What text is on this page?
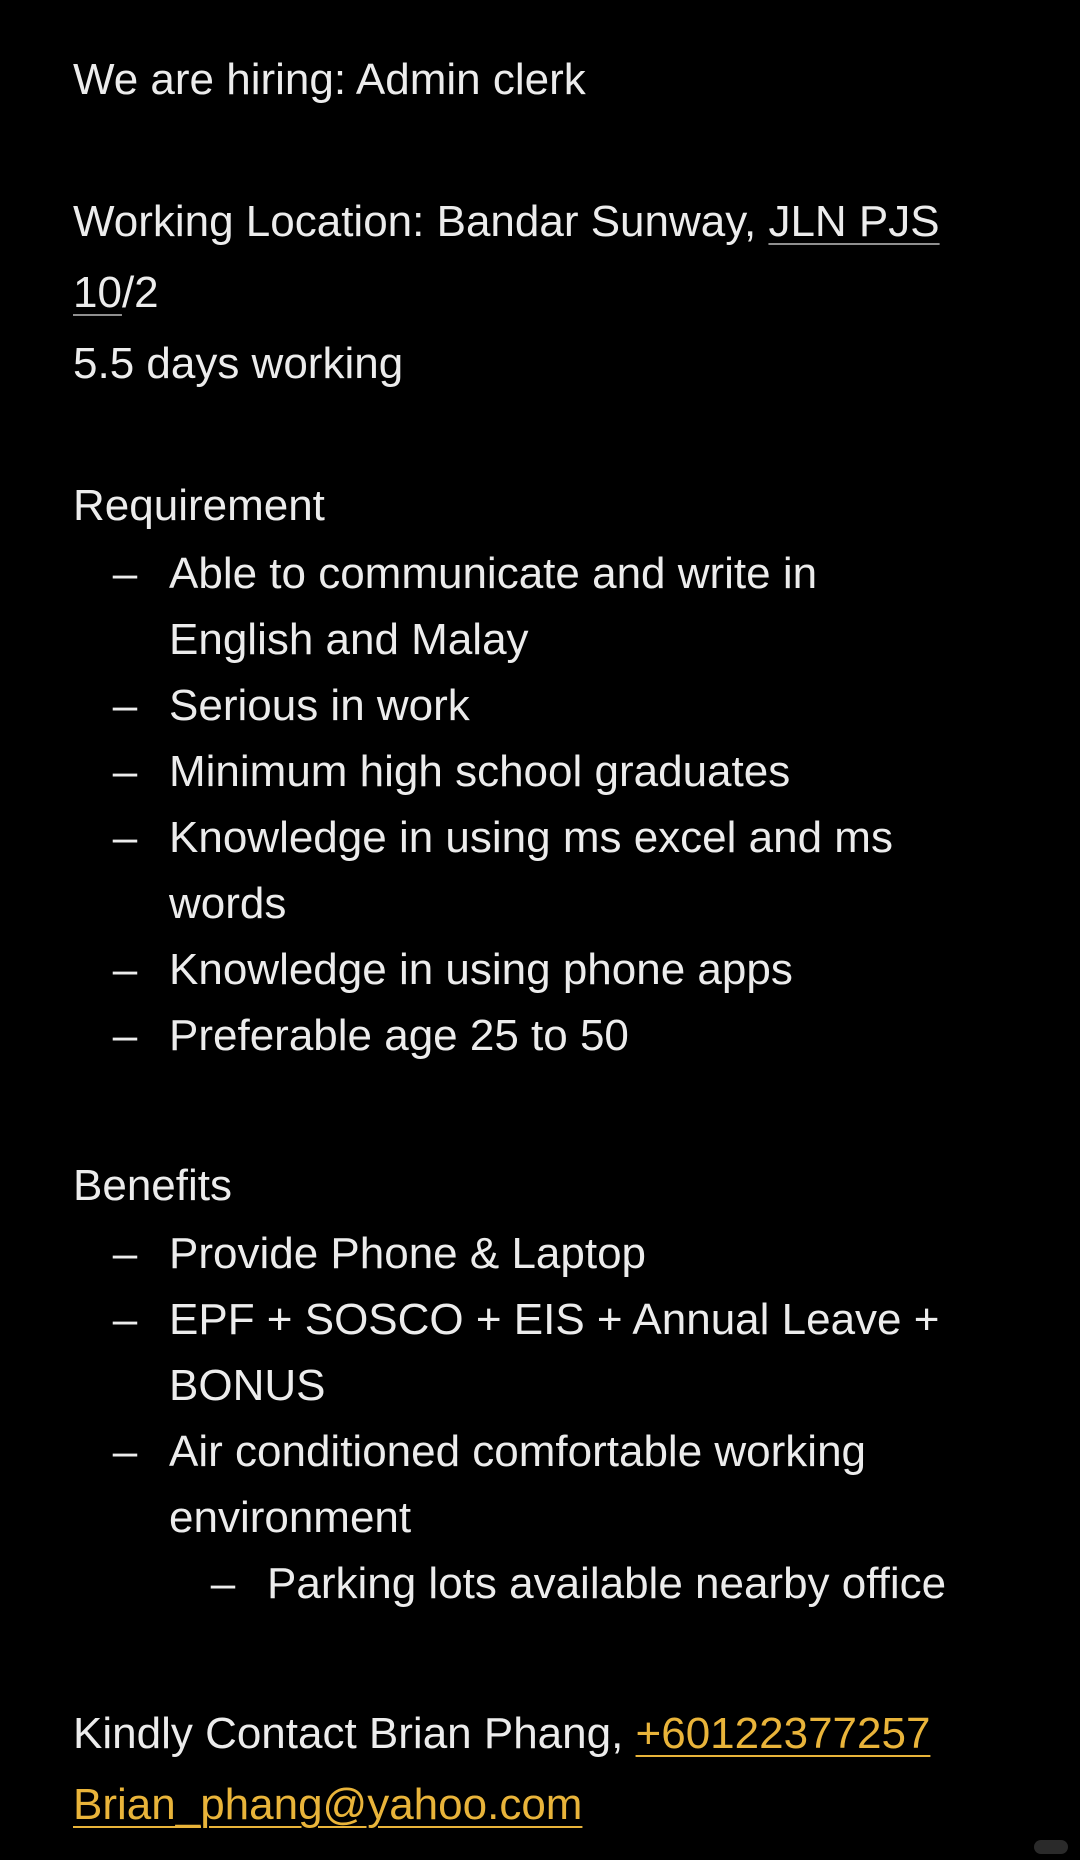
We are hiring: Admin clerk
Working Location: Bandar Sunway, JLN PJS
10/2
5.5 days working
Requirement
– Able to communicate and write in
English and Malay
– Serious in work
– Minimum high school graduates
– Knowledge in using ms excel and ms
words
– Knowledge in using phone apps
– Preferable age 25 to 50
Benefits
– Provide Phone & Laptop
– EPF + SOSCO + EIS + Annual Leave +
BONUS
– Air conditioned comfortable working
environment
– Parking lots available nearby office
Kindly Contact Brian Phang, +60122377257
Brian_phang@yahoo.com
